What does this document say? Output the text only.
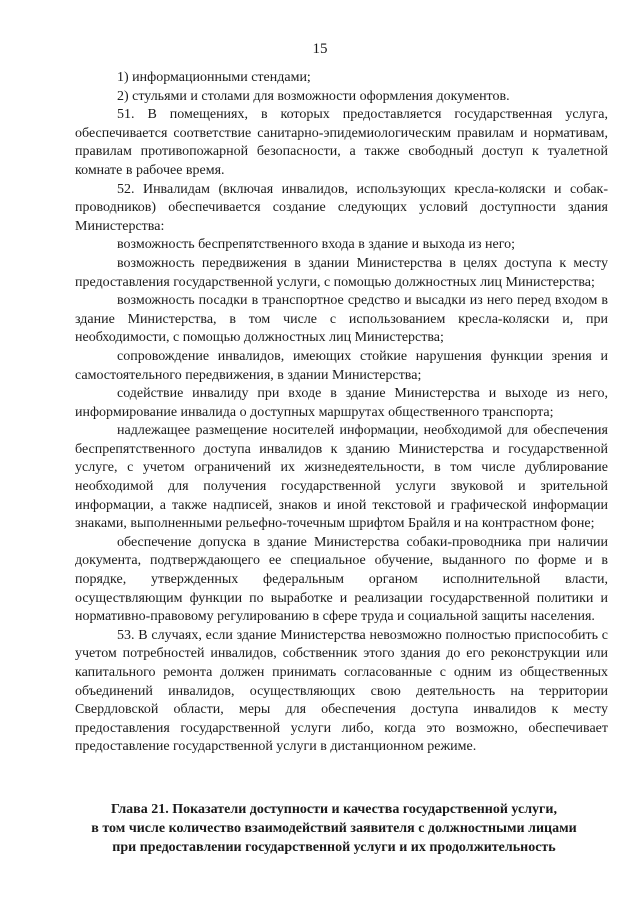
15

1) информационными стендами;

2) стульями и столами для возможности оформления документов.

51. В помещениях, в которых предоставляется государственная услуга, обеспечивается соответствие санитарно-эпидемиологическим правилам и нормативам, правилам противопожарной безопасности, а также свободный доступ к туалетной комнате в рабочее время.

52. Инвалидам (включая инвалидов, использующих кресла-коляски и собак-проводников) обеспечивается создание следующих условий доступности здания Министерства:

возможность беспрепятственного входа в здание и выхода из него;

возможность передвижения в здании Министерства в целях доступа к месту предоставления государственной услуги, с помощью должностных лиц Министерства;

возможность посадки в транспортное средство и высадки из него перед входом в здание Министерства, в том числе с использованием кресла-коляски и, при необходимости, с помощью должностных лиц Министерства;

сопровождение инвалидов, имеющих стойкие нарушения функции зрения и самостоятельного передвижения, в здании Министерства;

содействие инвалиду при входе в здание Министерства и выходе из него, информирование инвалида о доступных маршрутах общественного транспорта;

надлежащее размещение носителей информации, необходимой для обеспечения беспрепятственного доступа инвалидов к зданию Министерства и государственной услуге, с учетом ограничений их жизнедеятельности, в том числе дублирование необходимой для получения государственной услуги звуковой и зрительной информации, а также надписей, знаков и иной текстовой и графической информации знаками, выполненными рельефно-точечным шрифтом Брайля и на контрастном фоне;

обеспечение допуска в здание Министерства собаки-проводника при наличии документа, подтверждающего ее специальное обучение, выданного по форме и в порядке, утвержденных федеральным органом исполнительной власти, осуществляющим функции по выработке и реализации государственной политики и нормативно-правовому регулированию в сфере труда и социальной защиты населения.

53. В случаях, если здание Министерства невозможно полностью приспособить с учетом потребностей инвалидов, собственник этого здания до его реконструкции или капитального ремонта должен принимать согласованные с одним из общественных объединений инвалидов, осуществляющих свою деятельность на территории Свердловской области, меры для обеспечения доступа инвалидов к месту предоставления государственной услуги либо, когда это возможно, обеспечивает предоставление государственной услуги в дистанционном режиме.

Глава 21. Показатели доступности и качества государственной услуги,
в том числе количество взаимодействий заявителя с должностными лицами
при предоставлении государственной услуги и их продолжительность
